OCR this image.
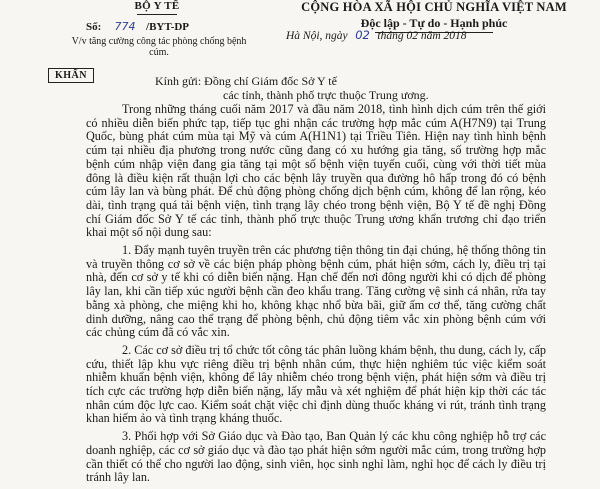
BỘ Y TẾ
Số: 774 /BYT-DP
V/v tăng cường công tác phòng chống bệnh cúm.
CỘNG HÒA XÃ HỘI CHỦ NGHĨA VIỆT NAM
Độc lập - Tự do - Hạnh phúc
Hà Nội, ngày 02 tháng 02 năm 2018
KHẨN	Kính gửi: Đồng chí Giám đốc Sở Y tế
các tỉnh, thành phố trực thuộc Trung ương.

Trong những tháng cuối năm 2017 và đầu năm 2018, tình hình dịch cúm trên thế giới có nhiều diễn biến phức tạp, tiếp tục ghi nhận các trường hợp mắc cúm A(H7N9) tại Trung Quốc, bùng phát cúm mùa tại Mỹ và cúm A(H1N1) tại Triều Tiên. Hiện nay tình hình bệnh cúm tại nhiều địa phương trong nước cũng đang có xu hướng gia tăng, số trường hợp mắc bệnh cúm nhập viện đang gia tăng tại một số bệnh viện tuyến cuối, cùng với thời tiết mùa đông là điều kiện rất thuận lợi cho các bệnh lây truyền qua đường hô hấp trong đó có bệnh cúm lây lan và bùng phát. Để chủ động phòng chống dịch bệnh cúm, không để lan rộng, kéo dài, tình trạng quá tải bệnh viện, tình trạng lây chéo trong bệnh viện, Bộ Y tế đề nghị Đồng chí Giám đốc Sở Y tế các tỉnh, thành phố trực thuộc Trung ương khẩn trương chỉ đạo triển khai một số nội dung sau:

1. Đẩy mạnh tuyên truyền trên các phương tiện thông tin đại chúng, hệ thống thông tin và truyền thông cơ sở về các biện pháp phòng bệnh cúm, phát hiện sớm, cách ly, điều trị tại nhà, đến cơ sở y tế khi có diễn biến nặng. Hạn chế đến nơi đông người khi có dịch để phòng lây lan, khi cần tiếp xúc người bệnh cần đeo khẩu trang. Tăng cường vệ sinh cá nhân, rửa tay bằng xà phòng, che miệng khi ho, không khạc nhổ bừa bãi, giữ ấm cơ thể, tăng cường chất dinh dưỡng, nâng cao thể trạng để phòng bệnh, chủ động tiêm vắc xin phòng bệnh cúm với các chủng cúm đã có vắc xin.

2. Các cơ sở điều trị tổ chức tốt công tác phân luồng khám bệnh, thu dung, cách ly, cấp cứu, thiết lập khu vực riêng điều trị bệnh nhân cúm, thực hiện nghiêm túc việc kiểm soát nhiễm khuẩn bệnh viện, không để lây nhiễm chéo trong bệnh viện, phát hiện sớm và điều trị tích cực các trường hợp diễn biến nặng, lấy mẫu và xét nghiệm để phát hiện kịp thời các tác nhân cúm độc lực cao. Kiểm soát chặt việc chỉ định dùng thuốc kháng vi rút, tránh tình trạng khan hiếm ảo và tình trạng kháng thuốc.

3. Phối hợp với Sở Giáo dục và Đào tạo, Ban Quản lý các khu công nghiệp hỗ trợ các doanh nghiệp, các cơ sở giáo dục và đào tạo phát hiện sớm người mắc cúm, trong trường hợp cần thiết có thể cho người lao động, sinh viên, học sinh nghỉ làm, nghỉ học để cách ly điều trị tránh lây lan.
